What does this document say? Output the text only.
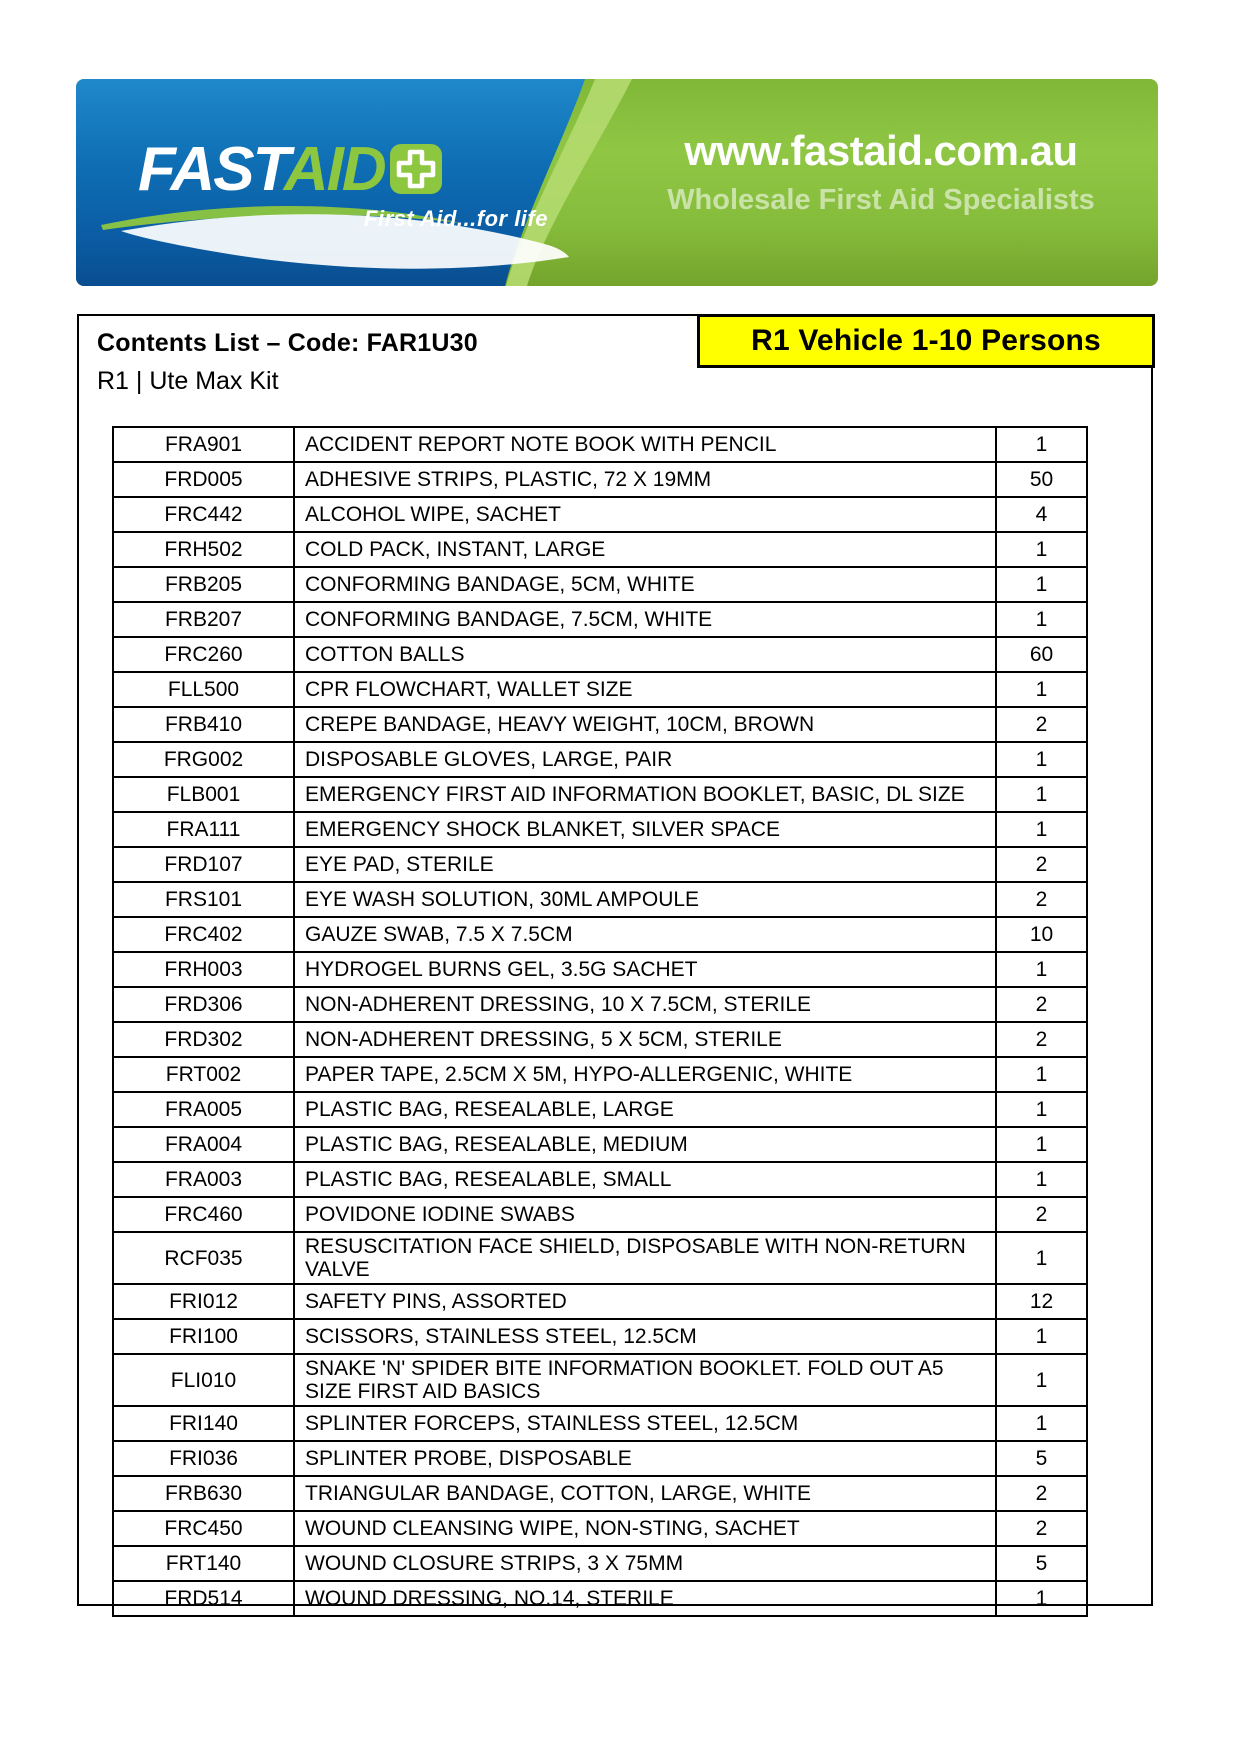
FASTAID
First Aid...for life
www.fastaid.com.au
Wholesale First Aid Specialists
Contents List – Code: FAR1U30
R1 | Ute Max Kit
R1 Vehicle 1-10 Persons
FRA901	ACCIDENT REPORT NOTE BOOK WITH PENCIL	1
FRD005	ADHESIVE STRIPS, PLASTIC, 72 X 19MM	50
FRC442	ALCOHOL WIPE, SACHET	4
FRH502	COLD PACK, INSTANT, LARGE	1
FRB205	CONFORMING BANDAGE, 5CM, WHITE	1
FRB207	CONFORMING BANDAGE, 7.5CM, WHITE	1
FRC260	COTTON BALLS	60
FLL500	CPR FLOWCHART, WALLET SIZE	1
FRB410	CREPE BANDAGE, HEAVY WEIGHT, 10CM, BROWN	2
FRG002	DISPOSABLE GLOVES, LARGE, PAIR	1
FLB001	EMERGENCY FIRST AID INFORMATION BOOKLET, BASIC, DL SIZE	1
FRA111	EMERGENCY SHOCK BLANKET, SILVER SPACE	1
FRD107	EYE PAD, STERILE	2
FRS101	EYE WASH SOLUTION, 30ML AMPOULE	2
FRC402	GAUZE SWAB, 7.5 X 7.5CM	10
FRH003	HYDROGEL BURNS GEL, 3.5G SACHET	1
FRD306	NON-ADHERENT DRESSING, 10 X 7.5CM, STERILE	2
FRD302	NON-ADHERENT DRESSING, 5 X 5CM, STERILE	2
FRT002	PAPER TAPE, 2.5CM X 5M, HYPO-ALLERGENIC, WHITE	1
FRA005	PLASTIC BAG, RESEALABLE, LARGE	1
FRA004	PLASTIC BAG, RESEALABLE, MEDIUM	1
FRA003	PLASTIC BAG, RESEALABLE, SMALL	1
FRC460	POVIDONE IODINE SWABS	2
RCF035	RESUSCITATION FACE SHIELD, DISPOSABLE WITH NON-RETURN VALVE	1
FRI012	SAFETY PINS, ASSORTED	12
FRI100	SCISSORS, STAINLESS STEEL, 12.5CM	1
FLI010	SNAKE 'N' SPIDER BITE INFORMATION BOOKLET. FOLD OUT A5 SIZE FIRST AID BASICS	1
FRI140	SPLINTER FORCEPS, STAINLESS STEEL, 12.5CM	1
FRI036	SPLINTER PROBE, DISPOSABLE	5
FRB630	TRIANGULAR BANDAGE, COTTON, LARGE, WHITE	2
FRC450	WOUND CLEANSING WIPE, NON-STING, SACHET	2
FRT140	WOUND CLOSURE STRIPS, 3 X 75MM	5
FRD514	WOUND DRESSING, NO.14, STERILE	1
